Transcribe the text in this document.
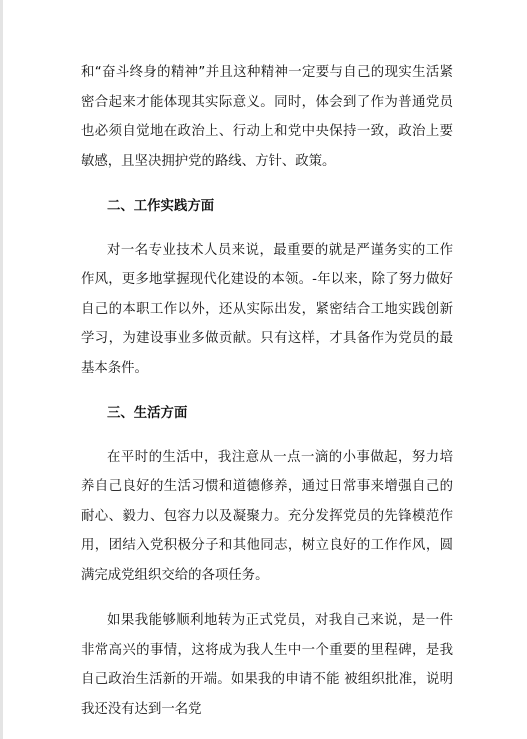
和“奋斗终身的精神”并且这种精神一定要与自己的现实生活紧密合起来才能体现其实际意义。同时，体会到了作为普通党员也必须自觉地在政治上、行动上和党中央保持一致，政治上要敏感，且坚决拥护党的路线、方针、政策。

二、工作实践方面

对一名专业技术人员来说，最重要的就是严谨务实的工作作风，更多地掌握现代化建设的本领。-年以来，除了努力做好自己的本职工作以外，还从实际出发，紧密结合工地实践创新学习，为建设事业多做贡献。只有这样，才具备作为党员的最基本条件。

三、生活方面

在平时的生活中，我注意从一点一滴的小事做起，努力培养自己良好的生活习惯和道德修养，通过日常事来增强自己的耐心、毅力、包容力以及凝聚力。充分发挥党员的先锋模范作用，团结入党积极分子和其他同志，树立良好的工作作风，圆满完成党组织交给的各项任务。

如果我能够顺利地转为正式党员，对我自己来说，是一件非常高兴的事情，这将成为我人生中一个重要的里程碑，是我自己政治生活新的开端。如果我的申请不能 被组织批准，说明我还没有达到一名党
